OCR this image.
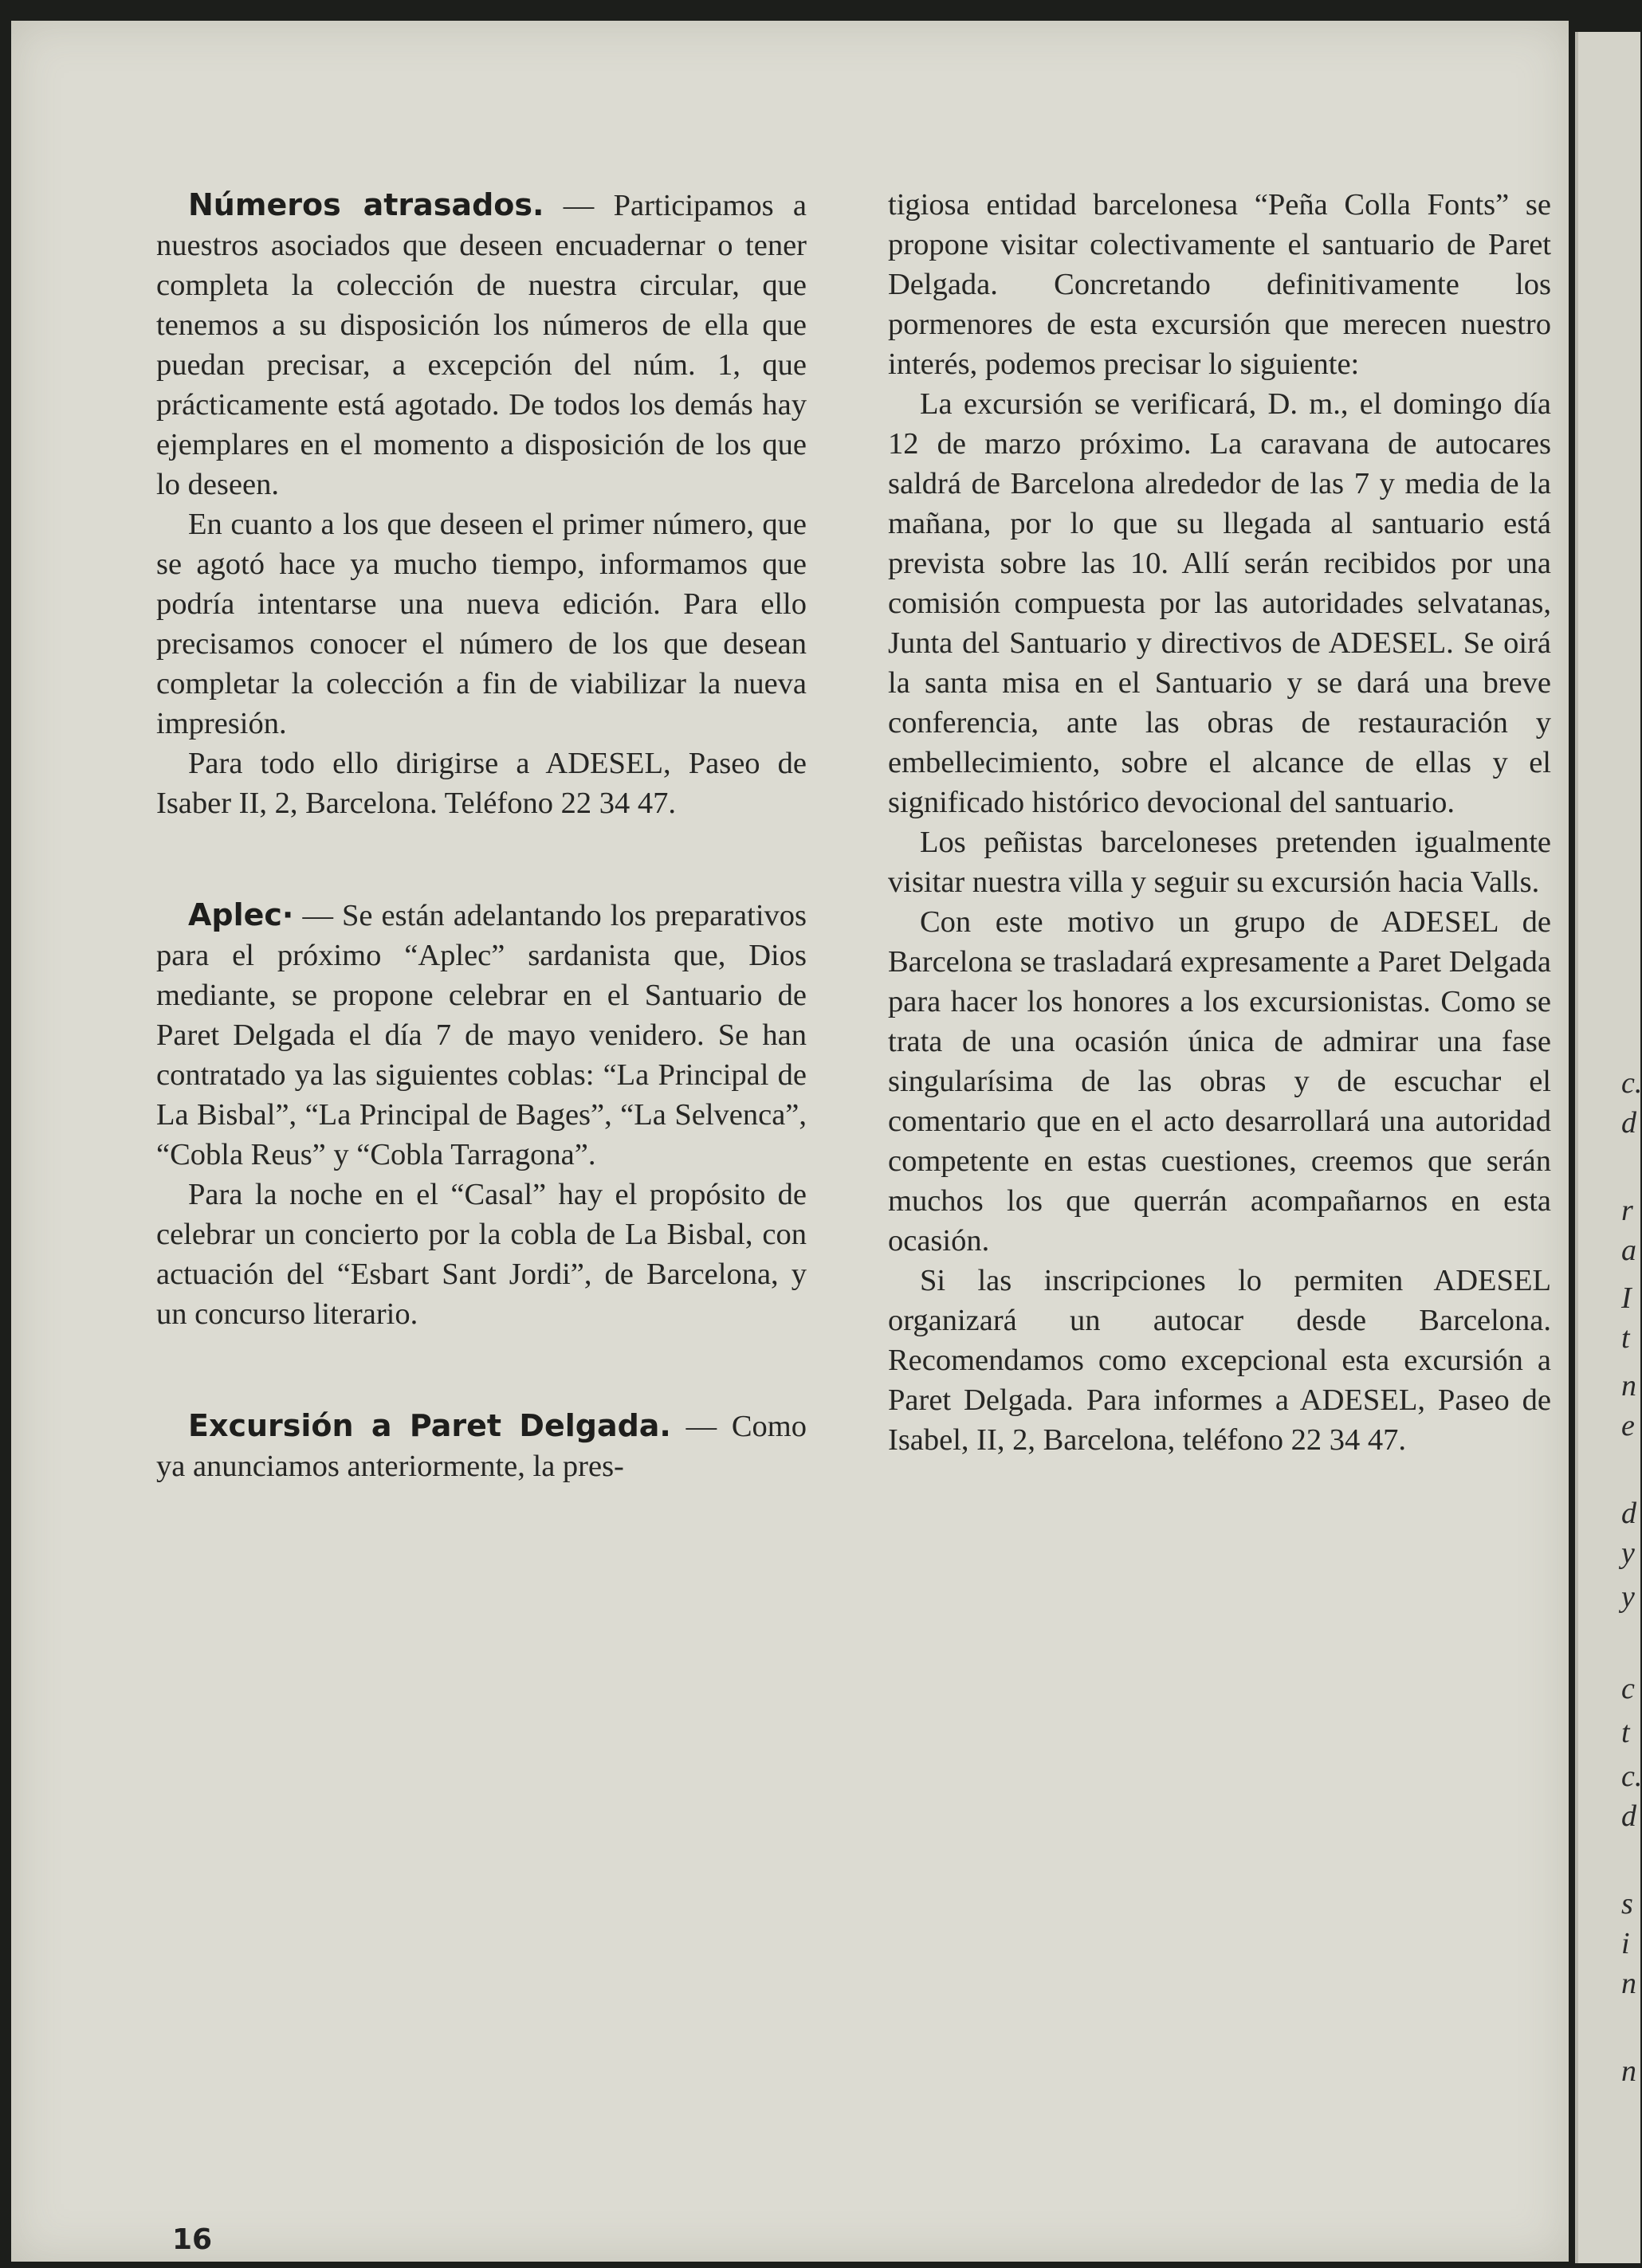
c.
d
r
a
I
t
n
e
d
y
y
c
t
c.
d
s
i
n
n

Números atrasados. — Participamos a nuestros asociados que deseen encuadernar o tener completa la colección de nuestra circular, que tenemos a su disposición los números de ella que puedan precisar, a excepción del núm. 1, que prácticamente está agotado. De todos los demás hay ejemplares en el momento a disposición de los que lo deseen.

En cuanto a los que deseen el primer número, que se agotó hace ya mucho tiempo, informamos que podría intentarse una nueva edición. Para ello precisamos conocer el número de los que desean completar la colección a fin de viabilizar la nueva impresión.

Para todo ello dirigirse a ADESEL, Paseo de Isaber II, 2, Barcelona. Teléfono 22 34 47.

Aplec· — Se están adelantando los preparativos para el próximo “Aplec” sardanista que, Dios mediante, se propone celebrar en el Santuario de Paret Delgada el día 7 de mayo venidero. Se han contratado ya las siguientes coblas: “La Principal de La Bisbal”, “La Principal de Bages”, “La Selvenca”, “Cobla Reus” y “Cobla Tarragona”.

Para la noche en el “Casal” hay el propósito de celebrar un concierto por la cobla de La Bisbal, con actuación del “Esbart Sant Jordi”, de Barcelona, y un concurso literario.

Excursión a Paret Delgada. — Como ya anunciamos anteriormente, la pres-

tigiosa entidad barcelonesa “Peña Colla Fonts” se propone visitar colectivamente el santuario de Paret Delgada. Concretando definitivamente los pormenores de esta excursión que merecen nuestro interés, podemos precisar lo siguiente:

La excursión se verificará, D. m., el domingo día 12 de marzo próximo. La caravana de autocares saldrá de Barcelona alrededor de las 7 y media de la mañana, por lo que su llegada al santuario está prevista sobre las 10. Allí serán recibidos por una comisión compuesta por las autoridades selvatanas, Junta del Santuario y directivos de ADESEL. Se oirá la santa misa en el Santuario y se dará una breve conferencia, ante las obras de restauración y embellecimiento, sobre el alcance de ellas y el significado histórico devocional del santuario.

Los peñistas barceloneses pretenden igualmente visitar nuestra villa y seguir su excursión hacia Valls.

Con este motivo un grupo de ADESEL de Barcelona se trasladará expresamente a Paret Delgada para hacer los honores a los excursionistas. Como se trata de una ocasión única de admirar una fase singularísima de las obras y de escuchar el comentario que en el acto desarrollará una autoridad competente en estas cuestiones, creemos que serán muchos los que querrán acompañarnos en esta ocasión.

Si las inscripciones lo permiten ADESEL organizará un autocar desde Barcelona. Recomendamos como excepcional esta excursión a Paret Delgada. Para informes a ADESEL, Paseo de Isabel, II, 2, Barcelona, teléfono 22 34 47.

16
